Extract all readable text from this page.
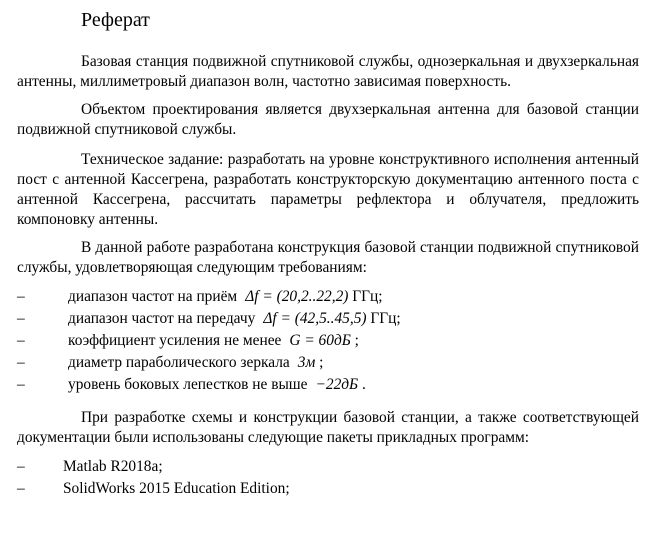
Реферат

Базовая станция подвижной спутниковой службы, однозеркальная и двухзеркальная антенны, миллиметровый диапазон волн, частотно зависимая поверхность.

Объектом проектирования является двухзеркальная антенна для базовой станции подвижной спутниковой службы.

Техническое задание: разработать на уровне конструктивного исполнения антенный пост с антенной Кассегрена, разработать конструкторскую документацию антенного поста с антенной Кассегрена, рассчитать параметры рефлектора и облучателя, предложить компоновку антенны.

В данной работе разработана конструкция базовой станции подвижной спутниковой службы, удовлетворяющая следующим требованиям:

–	диапазон частот на приём Δf = (20,2..22,2) ГГц;
–	диапазон частот на передачу Δf = (42,5..45,5) ГГц;
–	коэффициент усиления не менее G = 60дБ ;
–	диаметр параболического зеркала 3м ;
–	уровень боковых лепестков не выше −22дБ .

При разработке схемы и конструкции базовой станции, а также соответствующей документации были использованы следующие пакеты прикладных программ:

– Matlab R2018a;
– SolidWorks 2015 Education Edition;
